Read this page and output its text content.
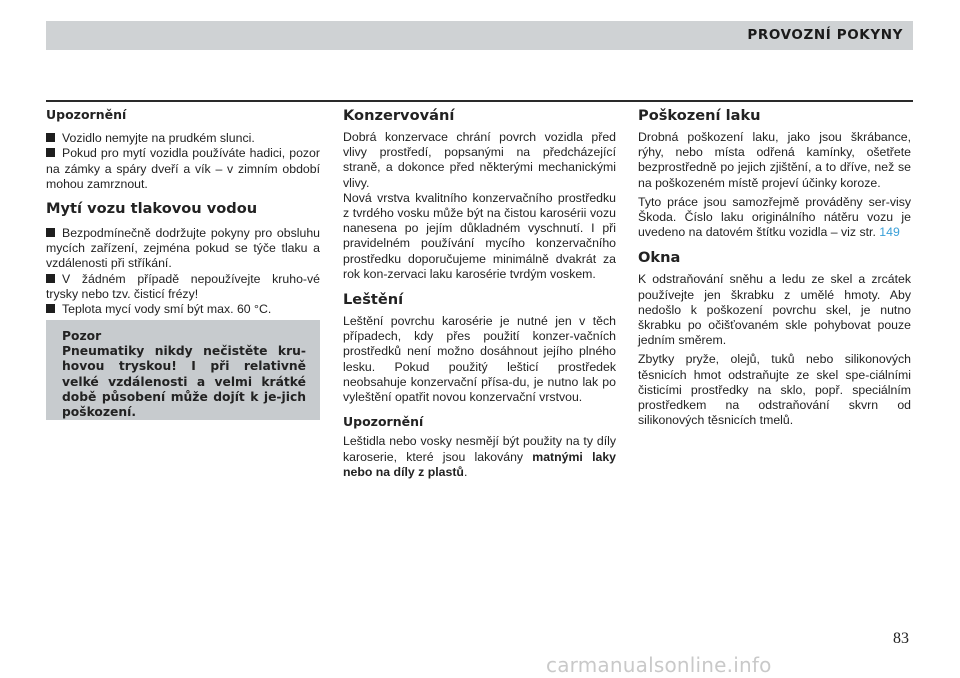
PROVOZNÍ POKYNY

Upozornění

Vozidlo nemyjte na prudkém slunci.

Pokud pro mytí vozidla používáte hadici, pozor na zámky a spáry dveří a vík – v zimním období mohou zamrznout.

Mytí vozu tlakovou vodou

Bezpodmínečně dodržujte pokyny pro obsluhu mycích zařízení, zejména pokud se týče tlaku a vzdálenosti při stříkání.

V žádném případě nepoužívejte kruho-vé trysky nebo tzv. čisticí frézy!

Teplota mycí vody smí být max. 60 °C.

Pozor

Pneumatiky nikdy nečistěte kru-hovou tryskou! I při relativně velké vzdálenosti a velmi krátké době působení může dojít k je-jich poškození.

Konzervování

Dobrá konzervace chrání povrch vozidla před vlivy prostředí, popsanými na předcházející straně, a dokonce před některými mechanickými vlivy.

Nová vrstva kvalitního konzervačního prostředku z tvrdého vosku může být na čistou karosérii vozu nanesena po jejím důkladném vyschnutí. I při pravidelném používání mycího konzervačního prostředku doporučujeme minimálně dvakrát za rok kon-zervaci laku karosérie tvrdým voskem.

Leštění

Leštění povrchu karosérie je nutné jen v těch případech, kdy přes použití konzer-vačních prostředků není možno dosáhnout jejího plného lesku. Pokud použitý lešticí prostředek neobsahuje konzervační přísa-du, je nutno lak po vyleštění opatřit novou konzervační vrstvou.

Upozornění

Leštidla nebo vosky nesmějí být použity na ty díly karoserie, které jsou lakovány matnými laky nebo na díly z plastů.

Poškození laku

Drobná poškození laku, jako jsou škrábance, rýhy, nebo místa odřená kamínky, ošetřete bezprostředně po jejich zjištění, a to dříve, než se na poškozeném místě projeví účinky koroze.

Tyto práce jsou samozřejmě prováděny ser-visy Škoda. Číslo laku originálního nátěru vozu je uvedeno na datovém štítku vozidla – viz str. 149

Okna

K odstraňování sněhu a ledu ze skel a zrcátek používejte jen škrabku z umělé hmoty. Aby nedošlo k poškození povrchu skel, je nutno škrabku po očišťovaném skle pohybovat pouze jedním směrem.

Zbytky pryže, olejů, tuků nebo silikonových těsnicích hmot odstraňujte ze skel spe-ciálními čisticími prostředky na sklo, popř. speciálním prostředkem na odstraňování skvrn od silikonových těsnicích tmelů.

83
carmanualsonline.info
